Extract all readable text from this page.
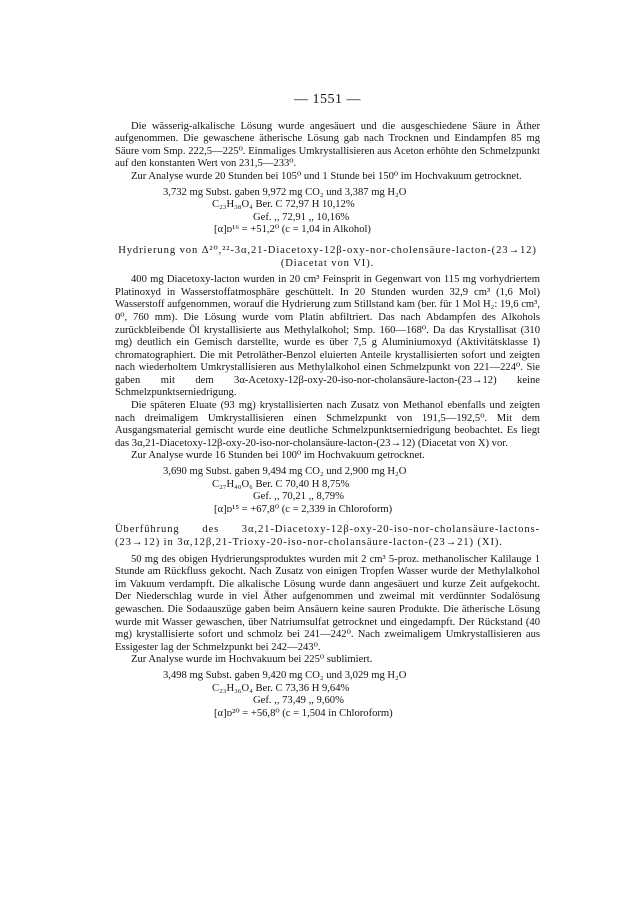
— 1551 —

Die wässerig-alkalische Lösung wurde angesäuert und die ausgeschiedene Säure in Äther aufgenommen. Die gewaschene ätherische Lösung gab nach Trocknen und Eindampfen 85 mg Säure vom Smp. 222,5—225⁰. Einmaliges Umkrystallisieren aus Aceton erhöhte den Schmelzpunkt auf den konstanten Wert von 231,5—233⁰.

Zur Analyse wurde 20 Stunden bei 105⁰ und 1 Stunde bei 150⁰ im Hochvakuum getrocknet.

3,732 mg Subst. gaben 9,972 mg CO₂ und 3,387 mg H₂O
C₂₃H₃₈O₄ Ber. C 72,97 H 10,12%
Gef. ,, 72,91 ,, 10,16%
[α]ᴅ¹⁶ = +51,2⁰ (c = 1,04 in Alkohol)

Hydrierung von Δ²⁰,²²-3α,21-Diacetoxy-12β-oxy-nor-cholensäure-lacton-(23→12) (Diacetat von VI).

400 mg Diacetoxy-lacton wurden in 20 cm³ Feinsprit in Gegenwart von 115 mg vorhydriertem Platinoxyd in Wasserstoffatmosphäre geschüttelt. In 20 Stunden wurden 32,9 cm³ (1,6 Mol) Wasserstoff aufgenommen, worauf die Hydrierung zum Stillstand kam (ber. für 1 Mol H₂: 19,6 cm³, 0⁰, 760 mm). Die Lösung wurde vom Platin abfiltriert. Das nach Abdampfen des Alkohols zurückbleibende Öl krystallisierte aus Methylalkohol; Smp. 160—168⁰. Da das Krystallisat (310 mg) deutlich ein Gemisch darstellte, wurde es über 7,5 g Aluminiumoxyd (Aktivitätsklasse I) chromatographiert. Die mit Petroläther-Benzol eluierten Anteile krystallisierten sofort und zeigten nach wiederholtem Umkrystallisieren aus Methylalkohol einen Schmelzpunkt von 221—224⁰. Sie gaben mit dem 3α-Acetoxy-12β-oxy-20-iso-nor-cholansäure-lacton-(23→12) keine Schmelzpunktserniedrigung.

Die späteren Eluate (93 mg) krystallisierten nach Zusatz von Methanol ebenfalls und zeigten nach dreimaligem Umkrystallisieren einen Schmelzpunkt von 191,5—192,5⁰. Mit dem Ausgangsmaterial gemischt wurde eine deutliche Schmelzpunktserniedrigung beobachtet. Es liegt das 3α,21-Diacetoxy-12β-oxy-20-iso-nor-cholansäure-lacton-(23→12) (Diacetat von X) vor.

Zur Analyse wurde 16 Stunden bei 100⁰ im Hochvakuum getrocknet.

3,690 mg Subst. gaben 9,494 mg CO₂ und 2,900 mg H₂O
C₂₇H₄₀O₆ Ber. C 70,40 H 8,75%
Gef. ,, 70,21 ,, 8,79%
[α]ᴅ¹⁵ = +67,8⁰ (c = 2,339 in Chloroform)

Überführung des 3α,21-Diacetoxy-12β-oxy-20-iso-nor-cholansäure-lactons-(23→12) in 3α,12β,21-Trioxy-20-iso-nor-cholansäure-lacton-(23→21) (XI).

50 mg des obigen Hydrierungsproduktes wurden mit 2 cm³ 5-proz. methanolischer Kalilauge 1 Stunde am Rückfluss gekocht. Nach Zusatz von einigen Tropfen Wasser wurde der Methylalkohol im Vakuum verdampft. Die alkalische Lösung wurde dann angesäuert und kurze Zeit aufgekocht. Der Niederschlag wurde in viel Äther aufgenommen und zweimal mit verdünnter Sodalösung gewaschen. Die Sodaauszüge gaben beim Ansäuern keine sauren Produkte. Die ätherische Lösung wurde mit Wasser gewaschen, über Natriumsulfat getrocknet und eingedampft. Der Rückstand (40 mg) krystallisierte sofort und schmolz bei 241—242⁰. Nach zweimaligem Umkrystallisieren aus Essigester lag der Schmelzpunkt bei 242—243⁰.

Zur Analyse wurde im Hochvakuum bei 225⁰ sublimiert.

3,498 mg Subst. gaben 9,420 mg CO₂ und 3,029 mg H₂O
C₂₃H₃₆O₄ Ber. C 73,36 H 9,64%
Gef. ,, 73,49 ,, 9,60%
[α]ᴅ²⁰ = +56,8⁰ (c = 1,504 in Chloroform)
